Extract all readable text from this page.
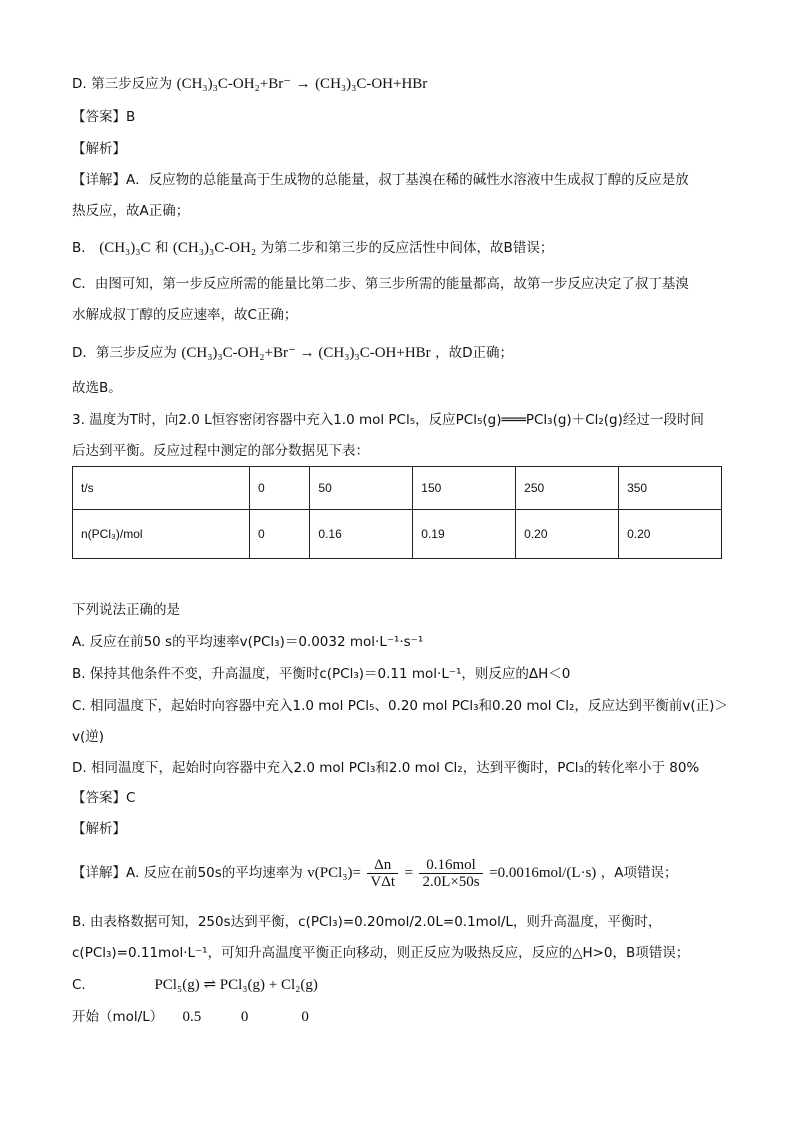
D. 第三步反应为 (CH₃)₃C-OH₂+Br⁻ → (CH₃)₃C-OH+HBr
【答案】B
【解析】
【详解】A．反应物的总能量高于生成物的总能量，叔丁基溴在稀的碱性水溶液中生成叔丁醇的反应是放
热反应，故A正确；
B． (CH₃)₃C 和 (CH₃)₃C-OH₂ 为第二步和第三步的反应活性中间体，故B错误；
C．由图可知，第一步反应所需的能量比第二步、第三步所需的能量都高，故第一步反应决定了叔丁基溴
水解成叔丁醇的反应速率，故C正确；
D．第三步反应为 (CH₃)₃C-OH₂+Br⁻ → (CH₃)₃C-OH+HBr ，故D正确；
故选B。
3. 温度为T时，向2.0 L恒容密闭容器中充入1.0 mol PCl₅，反应PCl₅(g)═══PCl₃(g)＋Cl₂(g)经过一段时间
后达到平衡。反应过程中测定的部分数据见下表：
t/s	0	50	150	250	350
n(PCl₃)/mol	0	0.16	0.19	0.20	0.20
下列说法正确的是
A. 反应在前50 s的平均速率v(PCl₃)＝0.0032 mol·L⁻¹·s⁻¹
B. 保持其他条件不变，升高温度，平衡时c(PCl₃)＝0.11 mol·L⁻¹，则反应的ΔH＜0
C. 相同温度下，起始时向容器中充入1.0 mol PCl₅、0.20 mol PCl₃和0.20 mol Cl₂，反应达到平衡前v(正)＞
v(逆)
D. 相同温度下，起始时向容器中充入2.0 mol PCl₃和2.0 mol Cl₂，达到平衡时，PCl₃的转化率小于 80%
【答案】C
【解析】
【详解】A. 反应在前50s的平均速率为 $v(PCl_3)= \frac{\Delta n}{\text{VΔt}} = \frac{\text{0.16mol}}{2.0L\times 50s} =0.0016mol/(L\cdot s)$ ，A项错误；
B. 由表格数据可知，250s达到平衡，c(PCl₃)=0.20mol/2.0L=0.1mol/L，则升高温度，平衡时，
c(PCl₃)=0.11mol·L⁻¹，可知升高温度平衡正向移动，则正反应为吸热反应，反应的△H>0，B项错误；
C.	PCl₅(g) ⇌ PCl₃(g) + Cl₂(g)
开始（mol/L） 0.5	0	0
